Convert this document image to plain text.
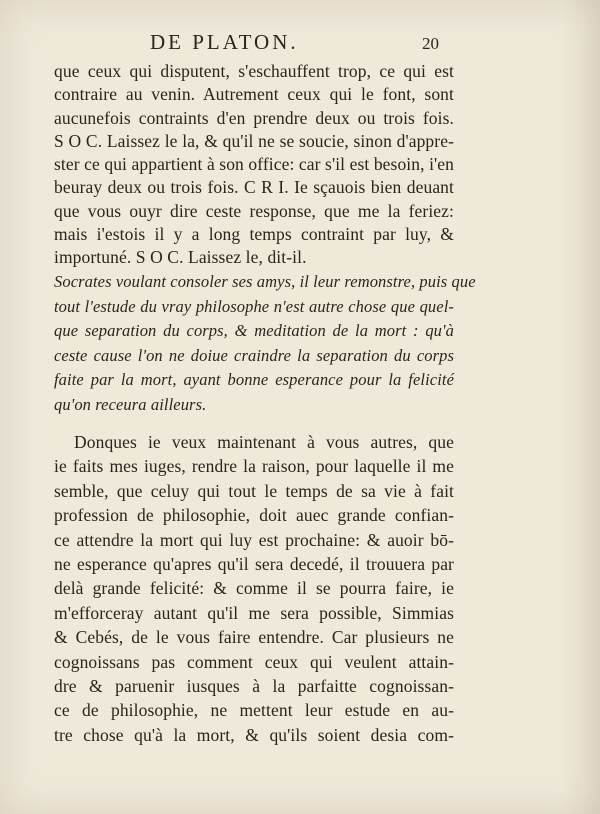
DE PLATON.	20
que ceux qui disputent, s'eschauffent trop, ce qui est
contraire au venin. Autrement ceux qui le font, sont
aucunefois contraints d'en prendre deux ou trois fois.
S O C. Laissez le la, & qu'il ne se soucie, sinon d'appre-
ster ce qui appartient à son office: car s'il est besoin, i'en
beuray deux ou trois fois. C R I. Ie sçauois bien deuant
que vous ouyr dire ceste response, que me la feriez:
mais i'estois il y a long temps contraint par luy, &
importuné. S O C. Laissez le, dit-il.
Socrates voulant consoler ses amys, il leur remonstre, puis que
tout l'estude du vray philosophe n'est autre chose que quel-
que separation du corps, & meditation de la mort : qu'à
ceste cause l'on ne doiue craindre la separation du corps
faite par la mort, ayant bonne esperance pour la felicité
qu'on receura ailleurs.
Donques ie veux maintenant à vous autres, que
ie faits mes iuges, rendre la raison, pour laquelle il me
semble, que celuy qui tout le temps de sa vie à fait
profession de philosophie, doit auec grande confian-
ce attendre la mort qui luy est prochaine: & auoir bō-
ne esperance qu'apres qu'il sera decedé, il trouuera par
delà grande felicité: & comme il se pourra faire, ie
m'efforceray autant qu'il me sera possible, Simmias
& Cebés, de le vous faire entendre. Car plusieurs ne
cognoissans pas comment ceux qui veulent attain-
dre & paruenir iusques à la parfaitte cognoissan-
ce de philosophie, ne mettent leur estude en au-
tre chose qu'à la mort, & qu'ils soient desia com-
